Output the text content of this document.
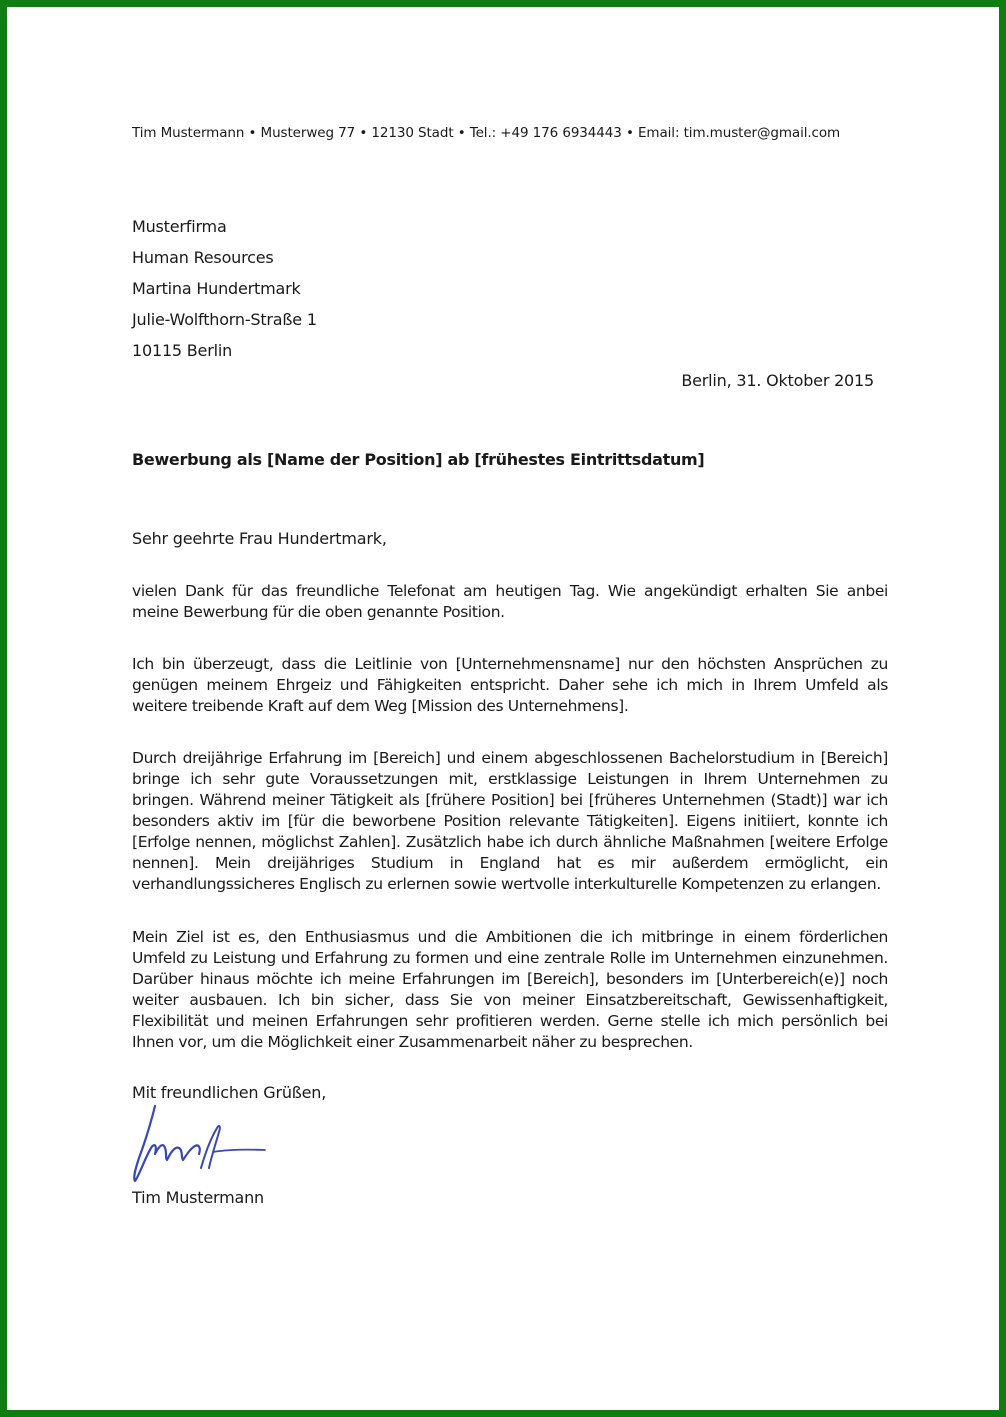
Tim Mustermann • Musterweg 77 • 12130 Stadt • Tel.: +49 176 6934443 • Email: tim.muster@gmail.com
Musterfirma
Human Resources
Martina Hundertmark
Julie-Wolfthorn-Straße 1
10115 Berlin
Berlin, 31. Oktober 2015
Bewerbung als [Name der Position] ab [frühestes Eintrittsdatum]
Sehr geehrte Frau Hundertmark,

vielen Dank für das freundliche Telefonat am heutigen Tag. Wie angekündigt erhalten Sie anbei meine Bewerbung für die oben genannte Position.

Ich bin überzeugt, dass die Leitlinie von [Unternehmensname] nur den höchsten Ansprüchen zu genügen meinem Ehrgeiz und Fähigkeiten entspricht. Daher sehe ich mich in Ihrem Umfeld als weitere treibende Kraft auf dem Weg [Mission des Unternehmens].

Durch dreijährige Erfahrung im [Bereich] und einem abgeschlossenen Bachelorstudium in [Bereich] bringe ich sehr gute Voraussetzungen mit, erstklassige Leistungen in Ihrem Unternehmen zu bringen. Während meiner Tätigkeit als [frühere Position] bei [früheres Unternehmen (Stadt)] war ich besonders aktiv im [für die beworbene Position relevante Tätigkeiten]. Eigens initiiert, konnte ich [Erfolge nennen, möglichst Zahlen]. Zusätzlich habe ich durch ähnliche Maßnahmen [weitere Erfolge nennen]. Mein dreijähriges Studium in England hat es mir außerdem ermöglicht, ein verhandlungssicheres Englisch zu erlernen sowie wertvolle interkulturelle Kompetenzen zu erlangen.

Mein Ziel ist es, den Enthusiasmus und die Ambitionen die ich mitbringe in einem förderlichen Umfeld zu Leistung und Erfahrung zu formen und eine zentrale Rolle im Unternehmen einzunehmen. Darüber hinaus möchte ich meine Erfahrungen im [Bereich], besonders im [Unterbereich(e)] noch weiter ausbauen. Ich bin sicher, dass Sie von meiner Einsatzbereitschaft, Gewissenhaftigkeit, Flexibilität und meinen Erfahrungen sehr profitieren werden. Gerne stelle ich mich persönlich bei Ihnen vor, um die Möglichkeit einer Zusammenarbeit näher zu besprechen.

Mit freundlichen Grüßen,
Tim Mustermann
